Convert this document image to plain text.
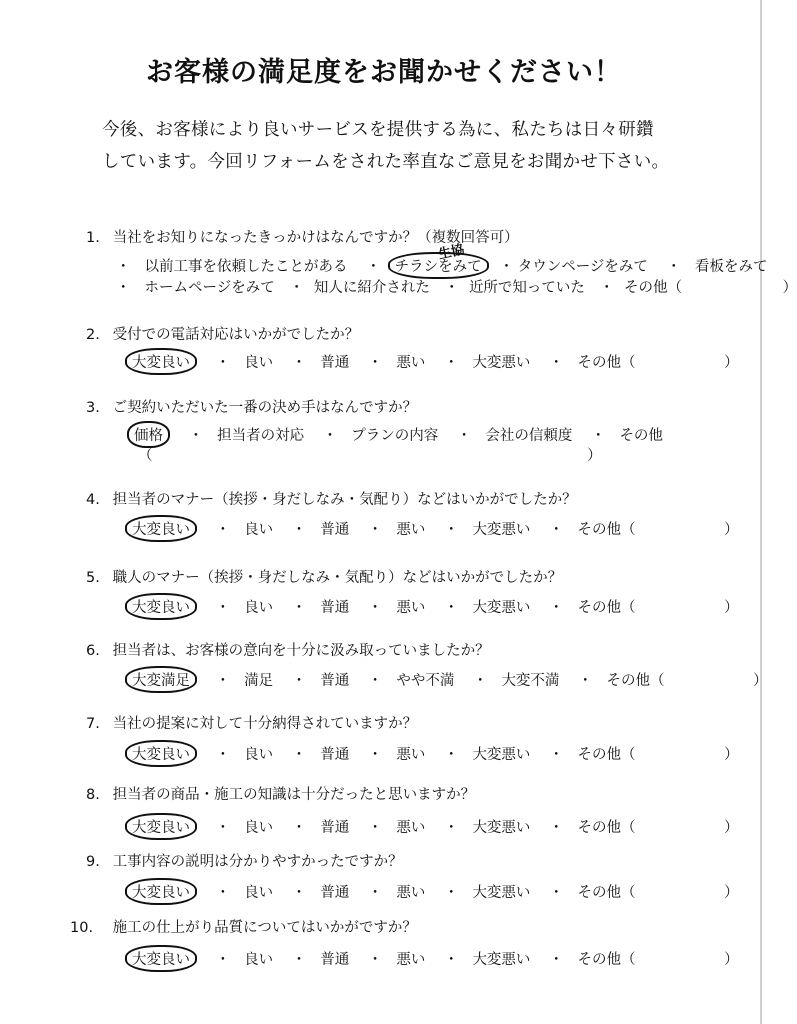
お客様の満足度をお聞かせください！
今後、お客様により良いサービスを提供する為に、私たちは日々研鑽
しています。今回リフォームをされた率直なご意見をお聞かせ下さい。
1. 当社をお知りになったきっかけはなんですか？（複数回答可）
・ 以前工事を依頼したことがある ・ チラシをみて ・ タウンページをみて ・ 看板をみて
生協
・ ホームページをみて ・ 知人に紹介された ・ 近所で知っていた ・ その他（	）
2. 受付での電話対応はいかがでしたか？
大変良い ・ 良い ・ 普通 ・ 悪い ・ 大変悪い ・ その他（	）
3. ご契約いただいた一番の決め手はなんですか？
価格 ・ 担当者の対応 ・ プランの内容 ・ 会社の信頼度 ・ その他
（	）
4. 担当者のマナー（挨拶・身だしなみ・気配り）などはいかがでしたか？
大変良い ・ 良い ・ 普通 ・ 悪い ・ 大変悪い ・ その他（	）
5. 職人のマナー（挨拶・身だしなみ・気配り）などはいかがでしたか？
大変良い ・ 良い ・ 普通 ・ 悪い ・ 大変悪い ・ その他（	）
6. 担当者は、お客様の意向を十分に汲み取っていましたか？
大変満足 ・ 満足 ・ 普通 ・ やや不満 ・ 大変不満 ・ その他（	）
7. 当社の提案に対して十分納得されていますか？
大変良い ・ 良い ・ 普通 ・ 悪い ・ 大変悪い ・ その他（	）
8. 担当者の商品・施工の知識は十分だったと思いますか？
大変良い ・ 良い ・ 普通 ・ 悪い ・ 大変悪い ・ その他（	）
9. 工事内容の説明は分かりやすかったですか？
大変良い ・ 良い ・ 普通 ・ 悪い ・ 大変悪い ・ その他（	）
10. 施工の仕上がり品質についてはいかがですか？
大変良い ・ 良い ・ 普通 ・ 悪い ・ 大変悪い ・ その他（	）
